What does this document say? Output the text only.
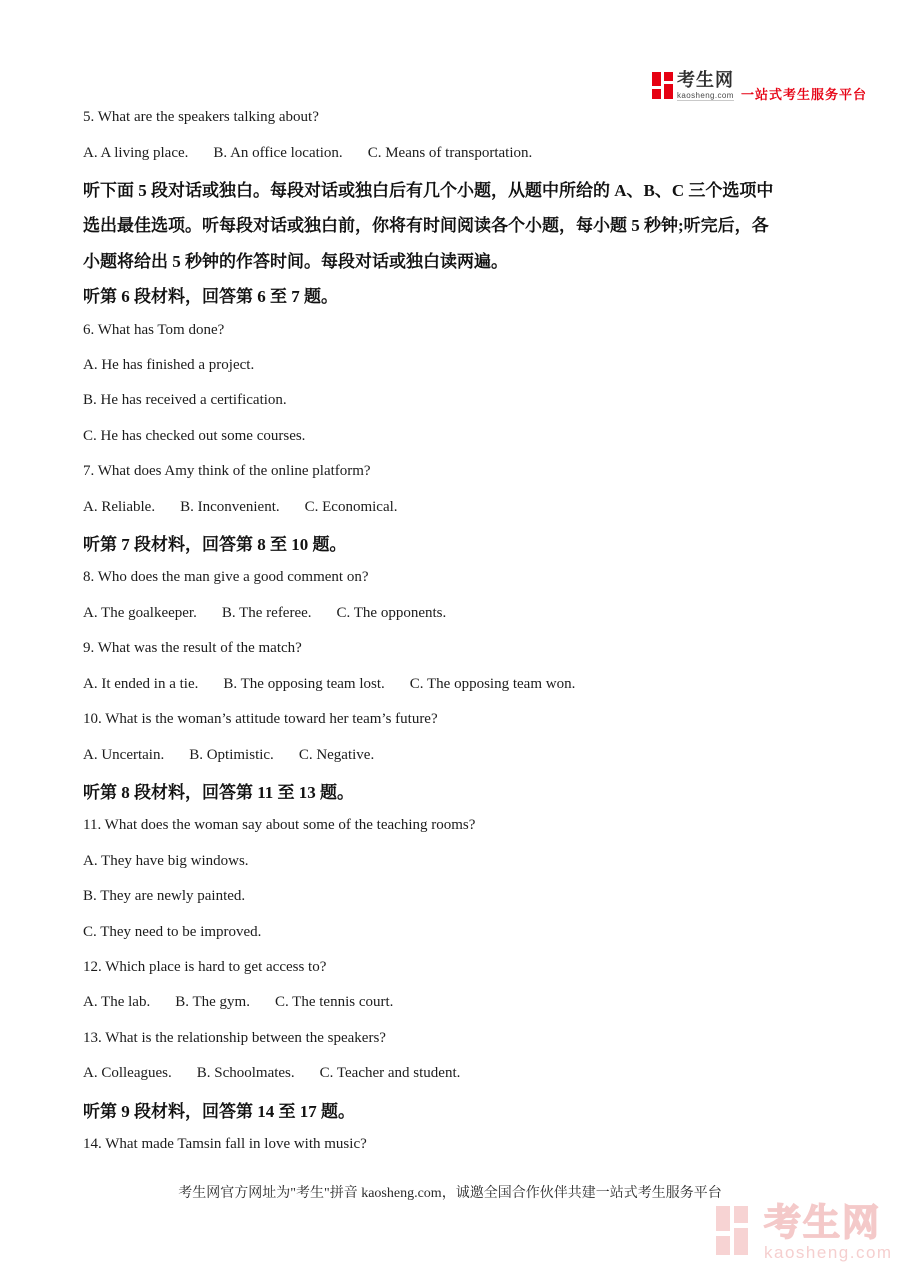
考生网
kaosheng.com 一站式考生服务平台
5. What are the speakers talking about?
A. A living place. B. An office location. C. Means of transportation.
听下面 5 段对话或独白。每段对话或独白后有几个小题，从题中所给的 A、B、C 三个选项中
选出最佳选项。听每段对话或独白前，你将有时间阅读各个小题，每小题 5 秒钟;听完后，各
小题将给出 5 秒钟的作答时间。每段对话或独白读两遍。
听第 6 段材料，回答第 6 至 7 题。
6. What has Tom done?
A. He has finished a project.
B. He has received a certification.
C. He has checked out some courses.
7. What does Amy think of the online platform?
A. Reliable. B. Inconvenient. C. Economical.
听第 7 段材料，回答第 8 至 10 题。
8. Who does the man give a good comment on?
A. The goalkeeper. B. The referee. C. The opponents.
9. What was the result of the match?
A. It ended in a tie. B. The opposing team lost. C. The opposing team won.
10. What is the woman’s attitude toward her team’s future?
A. Uncertain. B. Optimistic. C. Negative.
听第 8 段材料，回答第 11 至 13 题。
11. What does the woman say about some of the teaching rooms?
A. They have big windows.
B. They are newly painted.
C. They need to be improved.
12. Which place is hard to get access to?
A. The lab. B. The gym. C. The tennis court.
13. What is the relationship between the speakers?
A. Colleagues. B. Schoolmates. C. Teacher and student.
听第 9 段材料，回答第 14 至 17 题。
14. What made Tamsin fall in love with music?
考生网官方网址为"考生"拼音 kaosheng.com，诚邀全国合作伙伴共建一站式考生服务平台
考生网
kaosheng.com
